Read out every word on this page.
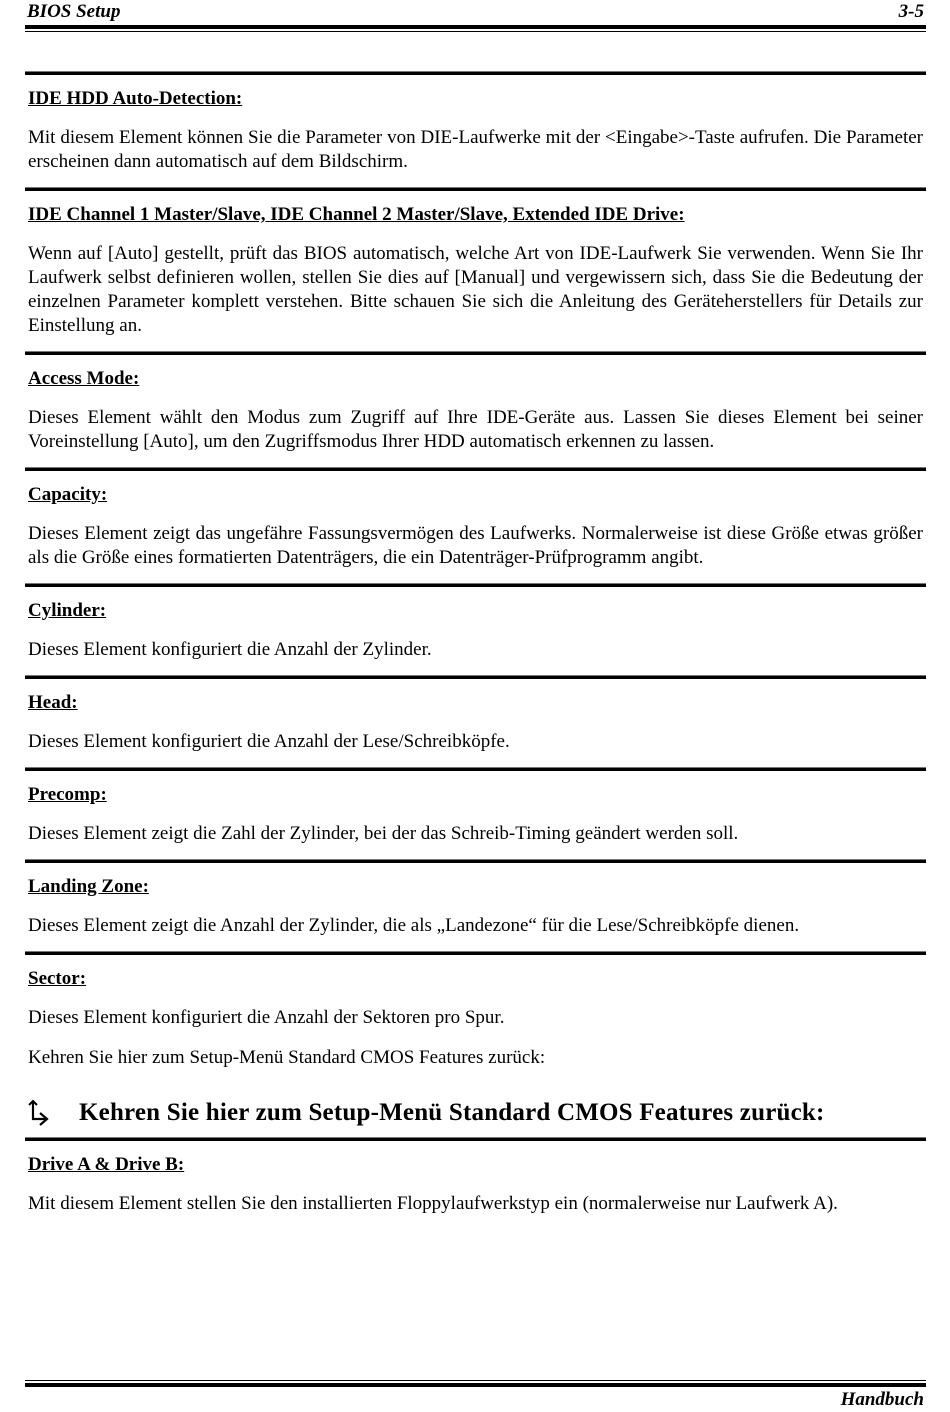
BIOS Setup	3-5
IDE HDD Auto-Detection:

Mit diesem Element können Sie die Parameter von DIE-Laufwerke mit der <Eingabe>-Taste aufrufen. Die Parameter erscheinen dann automatisch auf dem Bildschirm.

IDE Channel 1 Master/Slave, IDE Channel 2 Master/Slave, Extended IDE Drive:

Wenn auf [Auto] gestellt, prüft das BIOS automatisch, welche Art von IDE-Laufwerk Sie verwenden. Wenn Sie Ihr Laufwerk selbst definieren wollen, stellen Sie dies auf [Manual] und vergewissern sich, dass Sie die Bedeutung der einzelnen Parameter komplett verstehen. Bitte schauen Sie sich die Anleitung des Geräteherstellers für Details zur Einstellung an.

Access Mode:

Dieses Element wählt den Modus zum Zugriff auf Ihre IDE-Geräte aus. Lassen Sie dieses Element bei seiner Voreinstellung [Auto], um den Zugriffsmodus Ihrer HDD automatisch erkennen zu lassen.

Capacity:

Dieses Element zeigt das ungefähre Fassungsvermögen des Laufwerks. Normalerweise ist diese Größe etwas größer als die Größe eines formatierten Datenträgers, die ein Datenträger-Prüfprogramm angibt.

Cylinder:

Dieses Element konfiguriert die Anzahl der Zylinder.

Head:

Dieses Element konfiguriert die Anzahl der Lese/Schreibköpfe.

Precomp:

Dieses Element zeigt die Zahl der Zylinder, bei der das Schreib-Timing geändert werden soll.

Landing Zone:

Dieses Element zeigt die Anzahl der Zylinder, die als „Landezone“ für die Lese/Schreibköpfe dienen.

Sector:

Dieses Element konfiguriert die Anzahl der Sektoren pro Spur.

Kehren Sie hier zum Setup-Menü Standard CMOS Features zurück:

Kehren Sie hier zum Setup-Menü Standard CMOS Features zurück:
Drive A & Drive B:

Mit diesem Element stellen Sie den installierten Floppylaufwerkstyp ein (normalerweise nur Laufwerk A).

Handbuch
